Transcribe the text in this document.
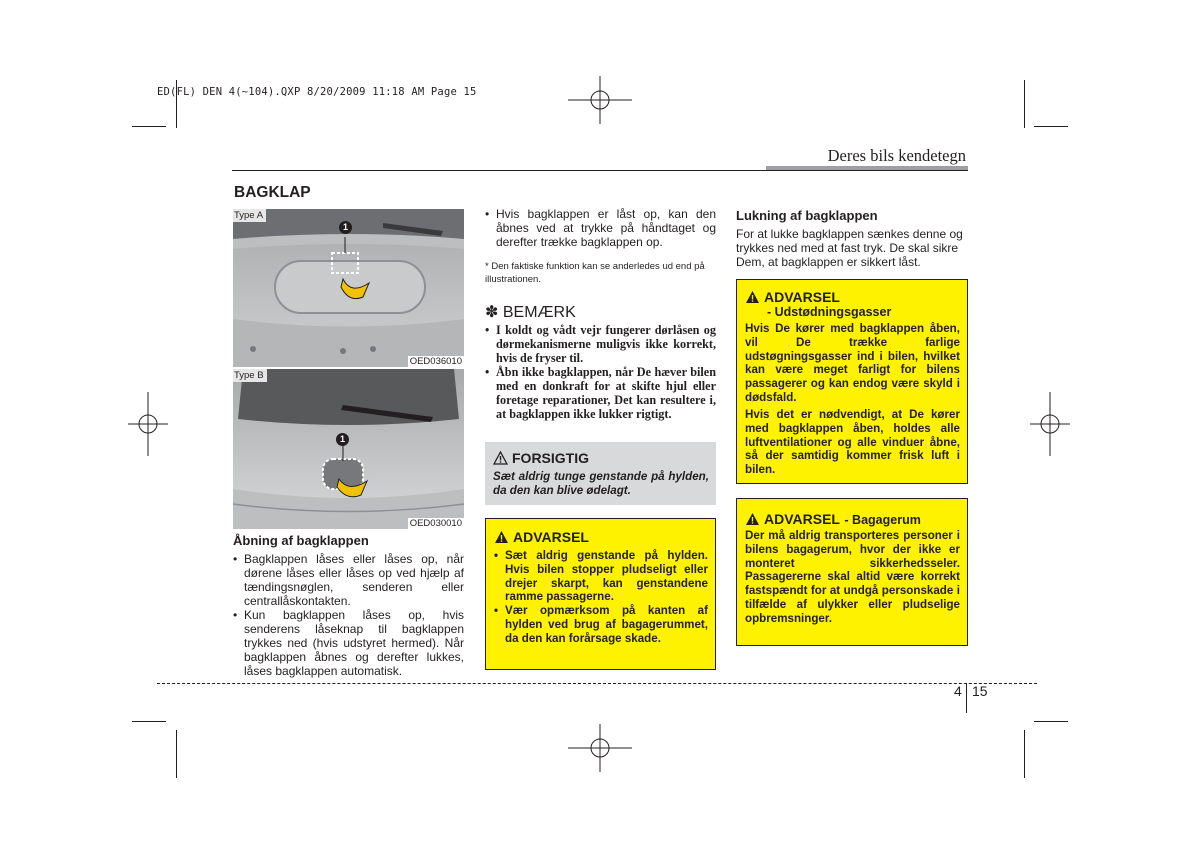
ED(FL) DEN 4(~104).QXP 8/20/2009 11:18 AM Page 15
Deres bils kendetegn
BAGKLAP
Type A
1
OED036010
Type B
1
OED030010
Åbning af bagklappen
• Bagklappen låses eller låses op, når dørene låses eller låses op ved hjælp af tændingsnøglen, senderen eller centrallåskontakten.
• Kun bagklappen låses op, hvis senderens låseknap til bagklappen trykkes ned (hvis udstyret hermed). Når bagklappen åbnes og derefter lukkes, låses bagklappen automatisk.
• Hvis bagklappen er låst op, kan den åbnes ved at trykke på håndtaget og derefter trække bagklappen op.
* Den faktiske funktion kan se anderledes ud end på illustrationen.
✽ BEMÆRK
• I koldt og vådt vejr fungerer dørlåsen og dørmekanismerne muligvis ikke korrekt, hvis de fryser til.
• Åbn ikke bagklappen, når De hæver bilen med en donkraft for at skifte hjul eller foretage reparationer, Det kan resultere i, at bagklappen ikke lukker rigtigt.
FORSIGTIG
Sæt aldrig tunge genstande på hylden, da den kan blive ødelagt.
ADVARSEL
• Sæt aldrig genstande på hylden. Hvis bilen stopper pludseligt eller drejer skarpt, kan genstandene ramme passagerne.
• Vær opmærksom på kanten af hylden ved brug af bagagerummet, da den kan forårsage skade.
Lukning af bagklappen
For at lukke bagklappen sænkes denne og trykkes ned med at fast tryk. De skal sikre Dem, at bagklappen er sikkert låst.
ADVARSEL
- Udstødningsgasser
Hvis De kører med bagklappen åben, vil De trække farlige udstøgningsgasser ind i bilen, hvilket kan være meget farligt for bilens passagerer og kan endog være skyld i dødsfald.
Hvis det er nødvendigt, at De kører med bagklappen åben, holdes alle luftventilationer og alle vinduer åbne, så der samtidig kommer frisk luft i bilen.
ADVARSEL - Bagagerum
Der må aldrig transporteres personer i bilens bagagerum, hvor der ikke er monteret sikkerhedsseler. Passagererne skal altid være korrekt fastspændt for at undgå personskade i tilfælde af ulykker eller pludselige opbremsninger.
4 15
